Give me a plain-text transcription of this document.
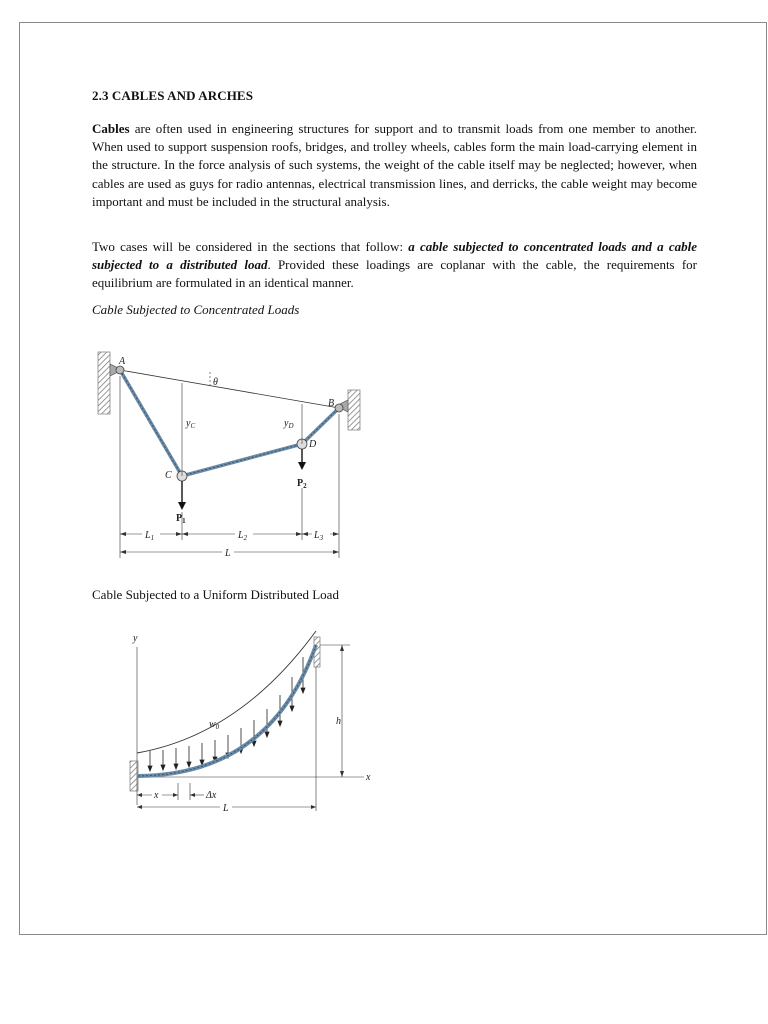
2.3 CABLES AND ARCHES

Cables are often used in engineering structures for support and to transmit loads from one member to another. When used to support suspension roofs, bridges, and trolley wheels, cables form the main load-carrying element in the structure. In the force analysis of such systems, the weight of the cable itself may be neglected; however, when cables are used as guys for radio antennas, electrical transmission lines, and derricks, the cable weight may become important and must be included in the structural analysis.

Two cases will be considered in the sections that follow: a cable subjected to concentrated loads and a cable subjected to a distributed load. Provided these loadings are coplanar with the cable, the requirements for equilibrium are formulated in an identical manner.

Cable Subjected to Concentrated Loads
A
B
C
D
θ
$y_C$	$y_D$
$P_1$
$P_2$
$L_1$	$L_2$	$L_3$
L
Cable Subjected to a Uniform Distributed Load
y
x
$w_0$	h
x	Δx
L
